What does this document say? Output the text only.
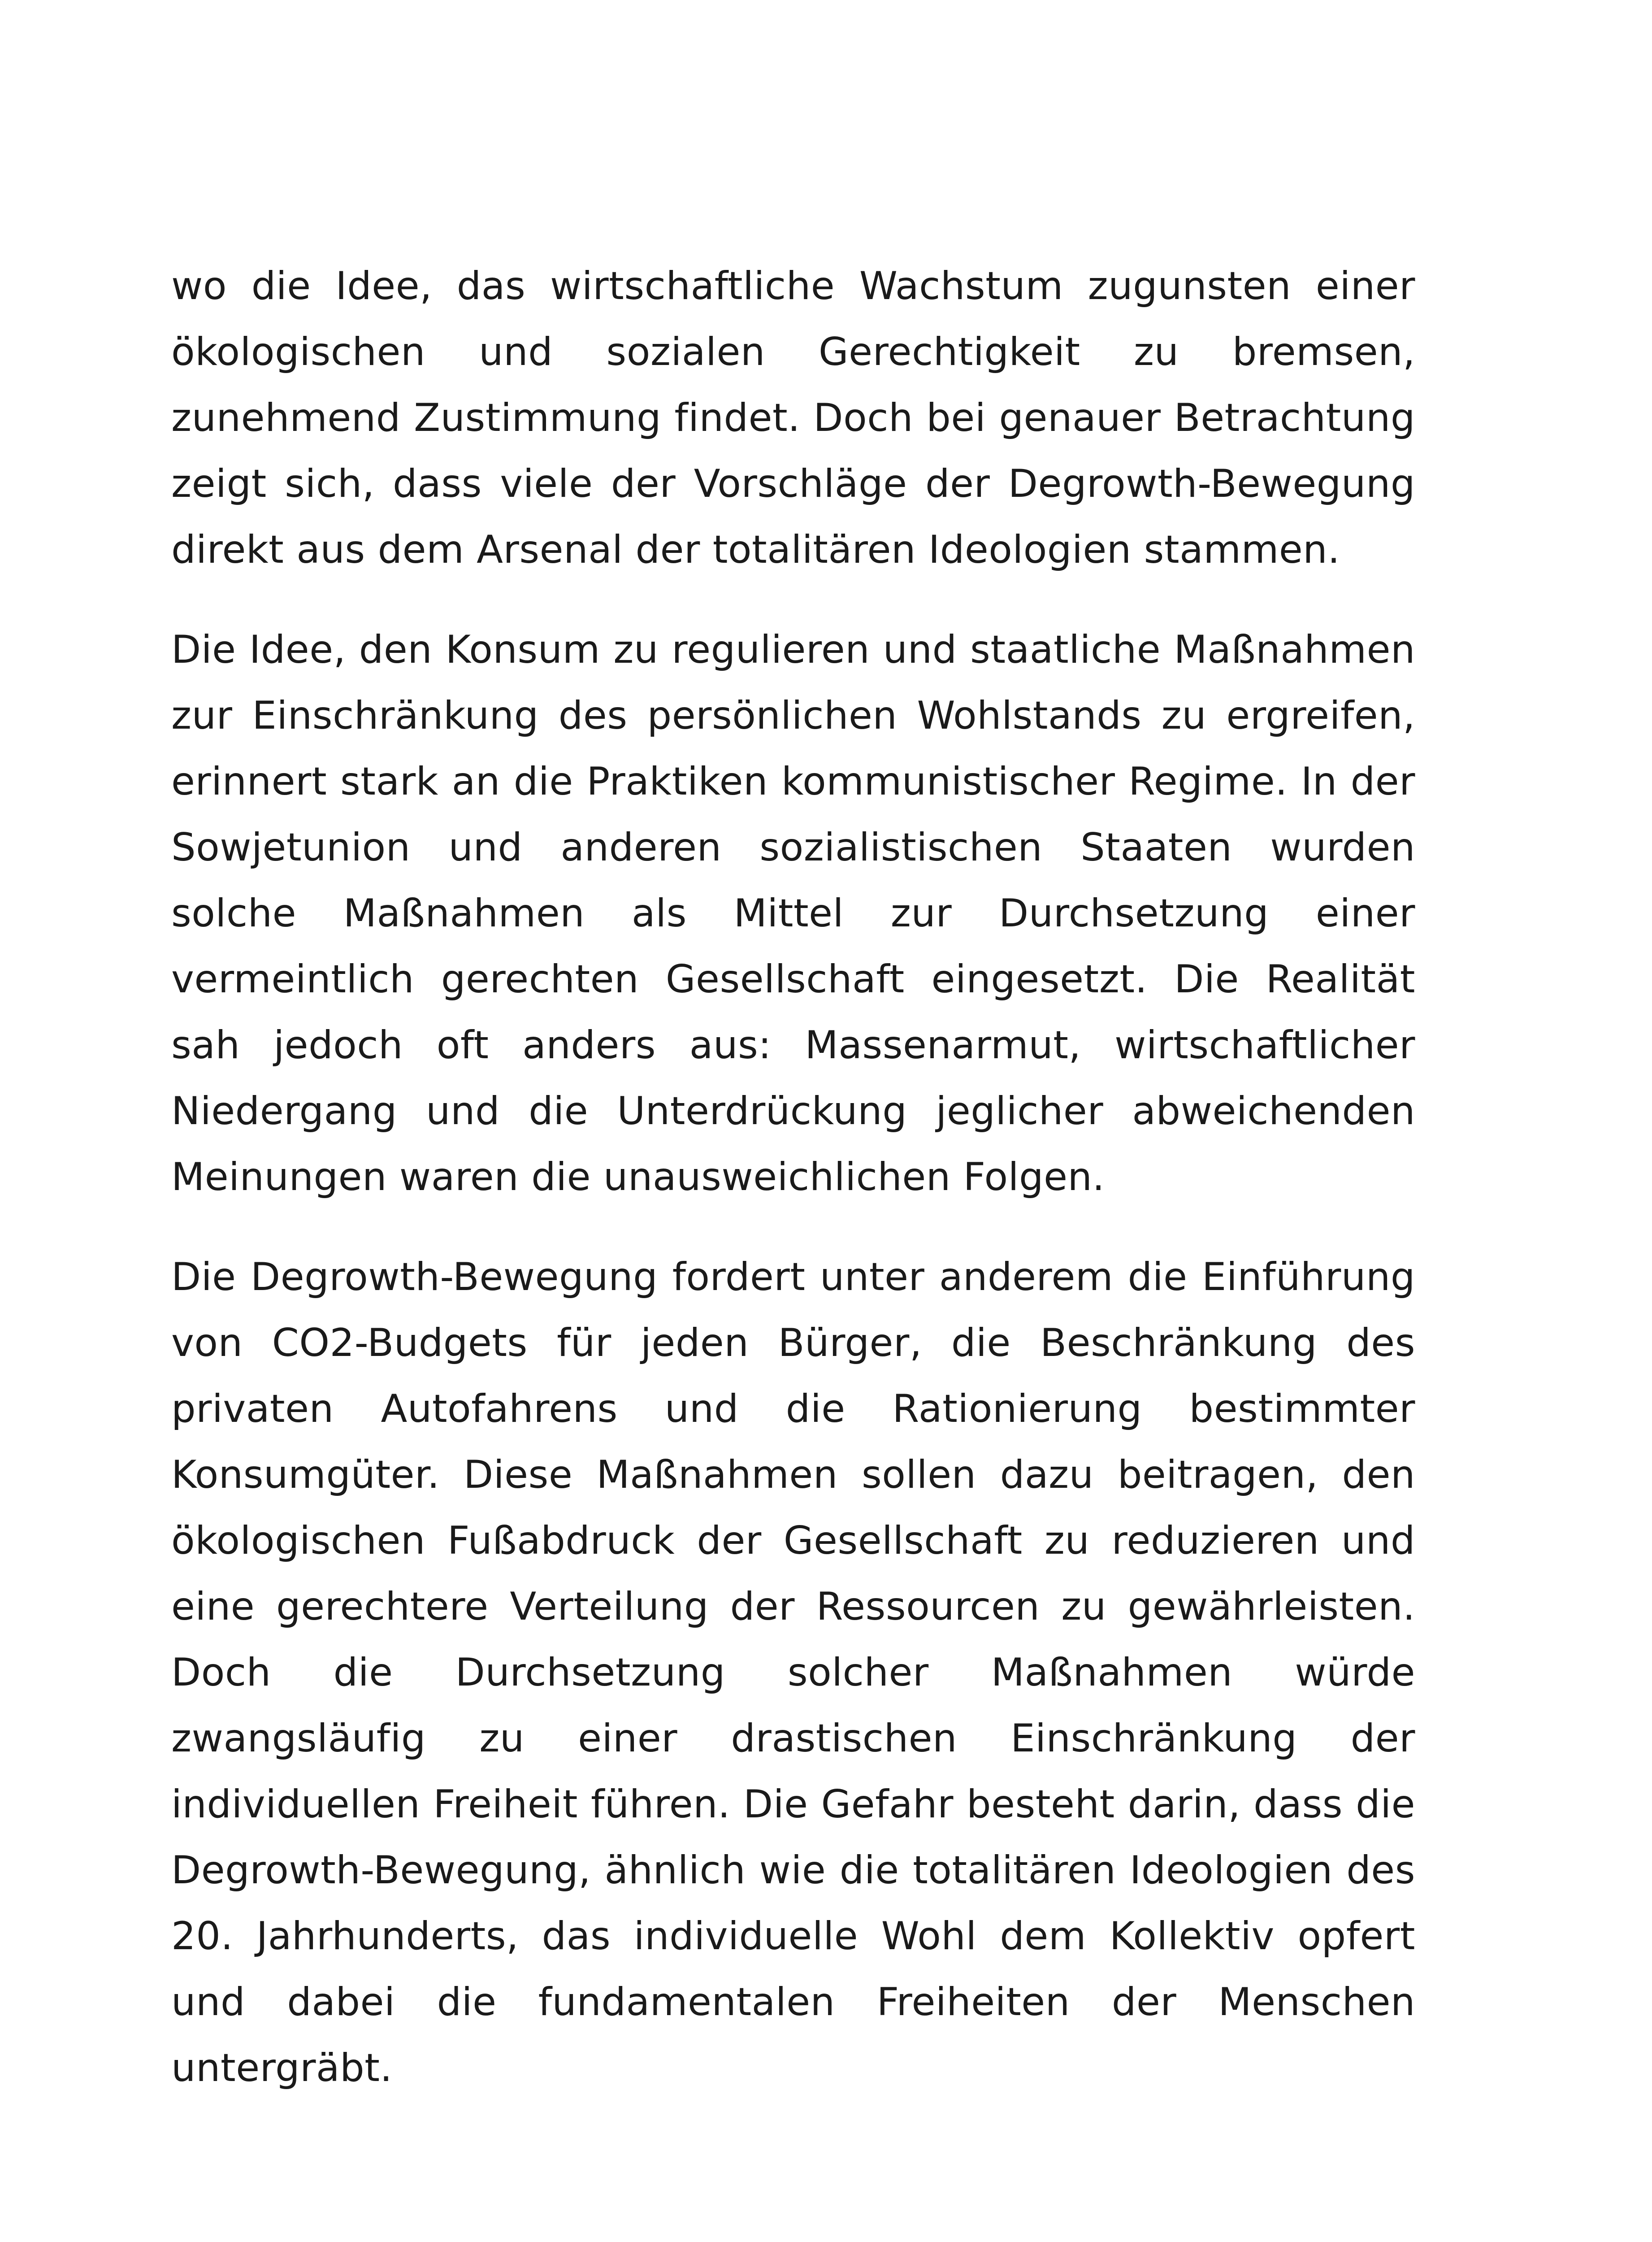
wo die Idee, das wirtschaftliche Wachstum zugunsten einer ökologischen und sozialen Gerechtigkeit zu bremsen, zunehmend Zustimmung findet. Doch bei genauer Betrachtung zeigt sich, dass viele der Vorschläge der Degrowth-Bewegung direkt aus dem Arsenal der totalitären Ideologien stammen.

Die Idee, den Konsum zu regulieren und staatliche Maßnahmen zur Einschränkung des persönlichen Wohlstands zu ergreifen, erinnert stark an die Praktiken kommunistischer Regime. In der Sowjetunion und anderen sozialistischen Staaten wurden solche Maßnahmen als Mittel zur Durchsetzung einer vermeintlich gerechten Gesellschaft eingesetzt. Die Realität sah jedoch oft anders aus: Massenarmut, wirtschaftlicher Niedergang und die Unterdrückung jeglicher abweichenden Meinungen waren die unausweichlichen Folgen.

Die Degrowth-Bewegung fordert unter anderem die Einführung von CO2-Budgets für jeden Bürger, die Beschränkung des privaten Autofahrens und die Rationierung bestimmter Konsumgüter. Diese Maßnahmen sollen dazu beitragen, den ökologischen Fußabdruck der Gesellschaft zu reduzieren und eine gerechtere Verteilung der Ressourcen zu gewährleisten. Doch die Durchsetzung solcher Maßnahmen würde zwangsläufig zu einer drastischen Einschränkung der individuellen Freiheit führen. Die Gefahr besteht darin, dass die Degrowth-Bewegung, ähnlich wie die totalitären Ideologien des 20. Jahrhunderts, das individuelle Wohl dem Kollektiv opfert und dabei die fundamentalen Freiheiten der Menschen untergräbt.
